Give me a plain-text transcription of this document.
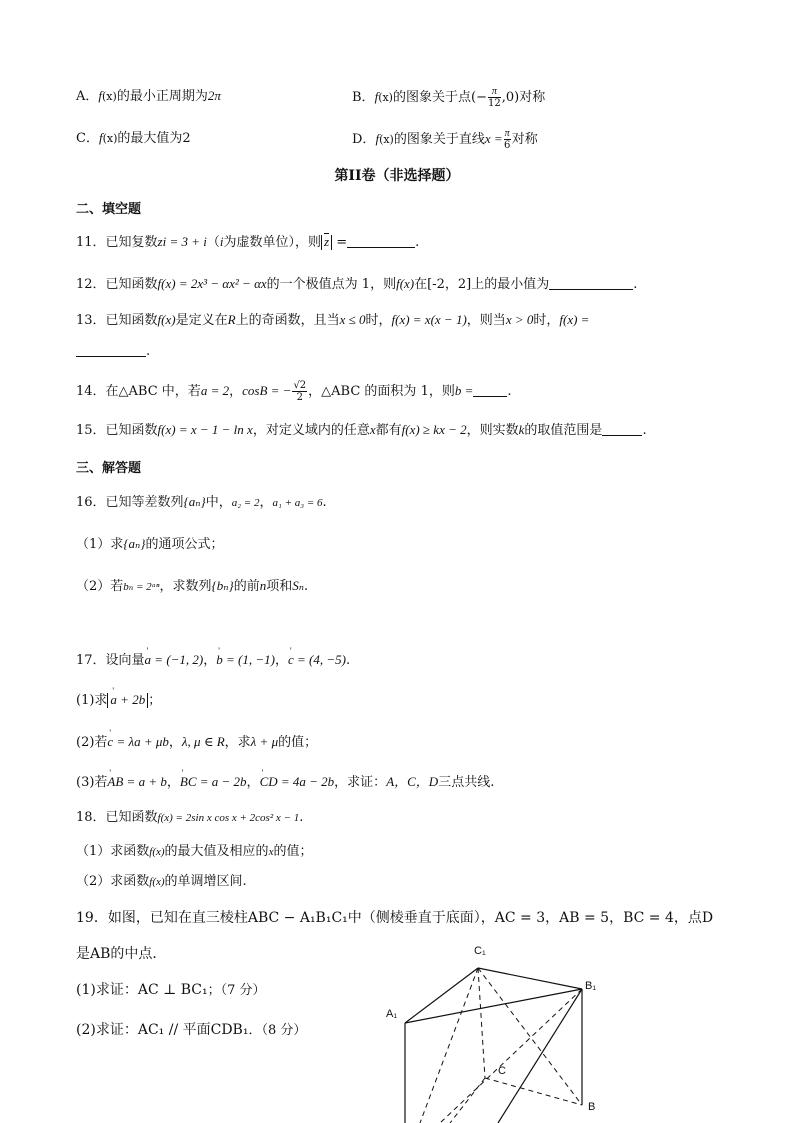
A．f(x)的最小正周期为2π	B．f(x)的图象关于点(− $\frac{\pi}{12} ,0$)对称
C．f(x)的最大值为2	D．f(x)的图象关于直线$x = \frac{\pi}{6}$ 对称
第II卷（非选择题）
二、填空题
11．已知复数zi = 3 + i（i为虚数单位），则 $\overline{z}$ =	.
12．已知函数f(x) = 2x³ − αx² − αx的一个极值点为 1，则f(x)在[-2，2]上的最小值为	.
13．已知函数f(x)是定义在R上的奇函数，且当x ≤ 0时，f(x) = x(x − 1)，则当x > 0时，f(x) =
.
14．在△ABC 中，若a = 2，cosB = − $\frac{√2}{2}$ ，△ABC 的面积为 1，则b =	.
15．已知函数f(x) = x − 1 − ln x，对定义域内的任意x都有f(x) ≥ kx − 2，则实数k的取值范围是	.
三、解答题
16．已知等差数列{aₙ}中，a₂ = 2，a₁ + a₃ = 6.
（1）求{aₙ}的通项公式；
（2）若bₙ = 2ᵃⁿ，求数列{bₙ}的前n项和Sₙ.
17．设向量' a = (−1, 2)，' b = (1, −1)，' c = (4, −5).
(1)求 ' a + 2b ；
(2)若' c = λa + μb，λ, μ ∈ R，求λ + μ的值；
(3)若' AB = a + b，' BC = a − 2b，' CD = 4a − 2b，求证：A，C，D三点共线.
18．已知函数f(x) = 2sin x cos x + 2cos² x − 1.
（1）求函数f(x)的最大值及相应的x的值；
（2）求函数f(x)的单调增区间.
19．如图，已知在直三棱柱ABC − A₁B₁C₁中（侧棱垂直于底面），AC = 3，AB = 5，BC = 4，点D
是AB的中点．
(1)求证：AC ⊥ BC₁；（7 分）
(2)求证：AC₁ // 平面CDB₁．（8 分）
C₁
B₁
A₁
C
B
